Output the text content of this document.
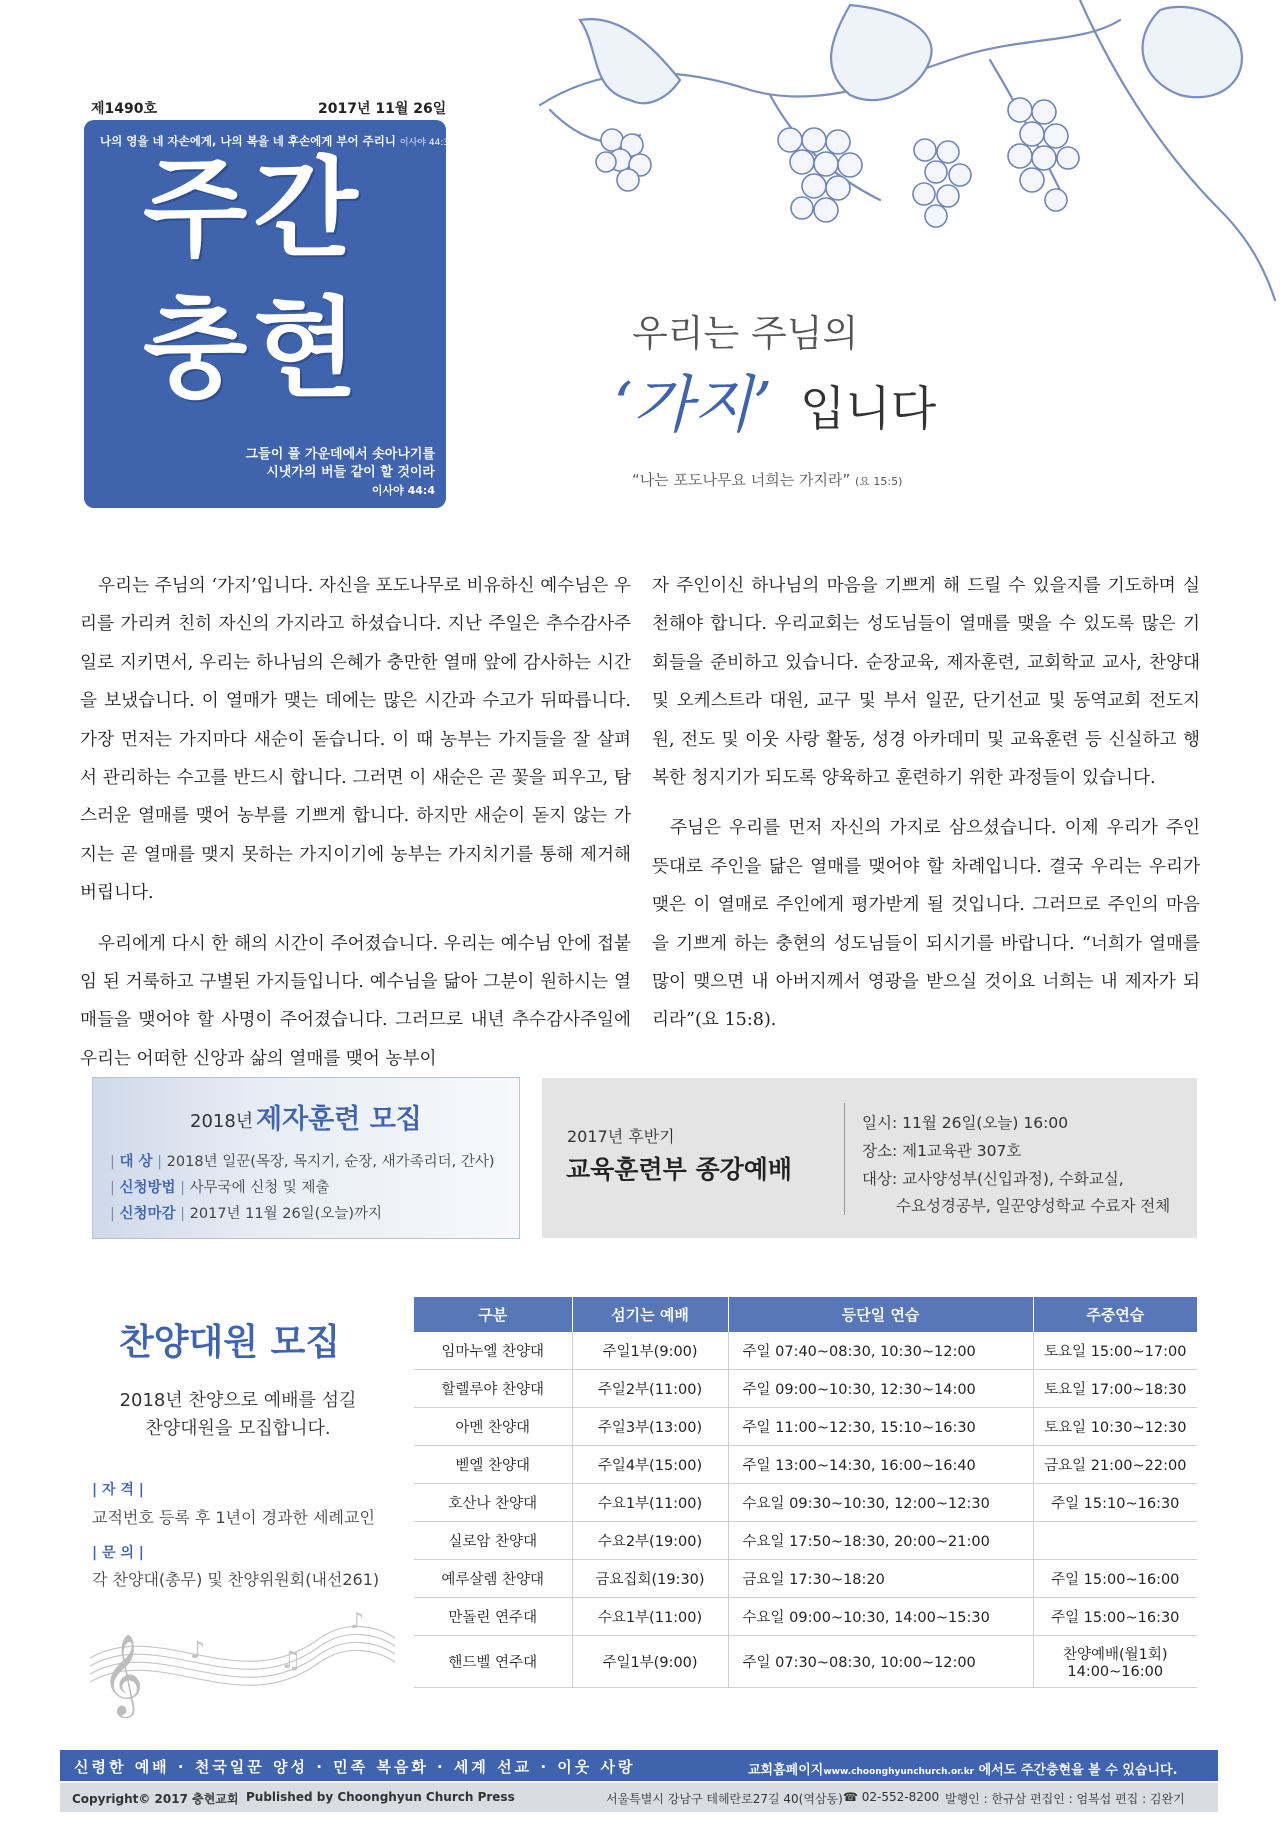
제1490호	2017년 11월 26일
나의 영을 네 자손에게, 나의 복을 네 후손에게 부어 주리니 이사야 44:3하
주간
충현
그들이 풀 가운데에서 솟아나기를
시냇가의 버들 같이 할 것이라
이사야 44:4
우리는 주님의
‘가지’ 입니다
“나는 포도나무요 너희는 가지라” (요 15:5)

우리는 주님의 ‘가지’입니다. 자신을 포도나무로 비유하신 예수님은 우리를 가리켜 친히 자신의 가지라고 하셨습니다. 지난 주일은 추수감사주일로 지키면서, 우리는 하나님의 은혜가 충만한 열매 앞에 감사하는 시간을 보냈습니다. 이 열매가 맺는 데에는 많은 시간과 수고가 뒤따릅니다. 가장 먼저는 가지마다 새순이 돋습니다. 이 때 농부는 가지들을 잘 살펴서 관리하는 수고를 반드시 합니다. 그러면 이 새순은 곧 꽃을 피우고, 탐스러운 열매를 맺어 농부를 기쁘게 합니다. 하지만 새순이 돋지 않는 가지는 곧 열매를 맺지 못하는 가지이기에 농부는 가지치기를 통해 제거해 버립니다.

우리에게 다시 한 해의 시간이 주어졌습니다. 우리는 예수님 안에 접붙임 된 거룩하고 구별된 가지들입니다. 예수님을 닮아 그분이 원하시는 열매들을 맺어야 할 사명이 주어졌습니다. 그러므로 내년 추수감사주일에 우리는 어떠한 신앙과 삶의 열매를 맺어 농부이

자 주인이신 하나님의 마음을 기쁘게 해 드릴 수 있을지를 기도하며 실천해야 합니다. 우리교회는 성도님들이 열매를 맺을 수 있도록 많은 기회들을 준비하고 있습니다. 순장교육, 제자훈련, 교회학교 교사, 찬양대 및 오케스트라 대원, 교구 및 부서 일꾼, 단기선교 및 동역교회 전도지원, 전도 및 이웃 사랑 활동, 성경 아카데미 및 교육훈련 등 신실하고 행복한 청지기가 되도록 양육하고 훈련하기 위한 과정들이 있습니다.

주님은 우리를 먼저 자신의 가지로 삼으셨습니다. 이제 우리가 주인 뜻대로 주인을 닮은 열매를 맺어야 할 차례입니다. 결국 우리는 우리가 맺은 이 열매로 주인에게 평가받게 될 것입니다. 그러므로 주인의 마음을 기쁘게 하는 충현의 성도님들이 되시기를 바랍니다. “너희가 열매를 많이 맺으면 내 아버지께서 영광을 받으실 것이요 너희는 내 제자가 되리라”(요 15:8).

2018년 제자훈련 모집
| 대 상 | 2018년 일꾼(목장, 목지기, 순장, 새가족리더, 간사)
| 신청방법 | 사무국에 신청 및 제출
| 신청마감 | 2017년 11월 26일(오늘)까지
2017년 후반기
교육훈련부 종강예배
일시: 11월 26일(오늘) 16:00
장소: 제1교육관 307호
대상: 교사양성부(신입과정), 수화교실,
수요성경공부, 일꾼양성학교 수료자 전체
찬양대원 모집
2018년 찬양으로 예배를 섬길
찬양대원을 모집합니다.
| 자 격 |
교적번호 등록 후 1년이 경과한 세례교인
| 문 의 |
각 찬양대(총무) 및 찬양위원회(내선261)
𝄞 ♪	♫
♪
구분	섬기는 예배	등단일 연습	주중연습
임마누엘 찬양대	주일1부(9:00)	주일 07:40~08:30, 10:30~12:00	토요일 15:00~17:00
할렐루야 찬양대	주일2부(11:00)	주일 09:00~10:30, 12:30~14:00	토요일 17:00~18:30
아멘 찬양대	주일3부(13:00)	주일 11:00~12:30, 15:10~16:30	토요일 10:30~12:30
벧엘 찬양대	주일4부(15:00)	주일 13:00~14:30, 16:00~16:40	금요일 21:00~22:00
호산나 찬양대	수요1부(11:00)	수요일 09:30~10:30, 12:00~12:30	주일 15:10~16:30
실로암 찬양대	수요2부(19:00)	수요일 17:50~18:30, 20:00~21:00	
예루살렘 찬양대	금요집회(19:30)	금요일 17:30~18:20	주일 15:00~16:00
만돌린 연주대	수요1부(11:00)	수요일 09:00~10:30, 14:00~15:30	주일 15:00~16:30
핸드벨 연주대	주일1부(9:00)	주일 07:30~08:30, 10:00~12:00	찬양예배(월1회)
14:00~16:00
신령한 예배 · 천국일꾼 양성 · 민족 복음화 · 세계 선교 · 이웃 사랑	교회홈페이지www.choonghyunchurch.or.kr 에서도 주간충현을 볼 수 있습니다.
Copyright© 2017 충현교회 Published by Choonghyun Church Press	서울특별시 강남구 테헤란로27길 40(역삼동) ☎ 02-552-8200 발행인 : 한규삼 편집인 : 엄복섭 편집 : 김완기
